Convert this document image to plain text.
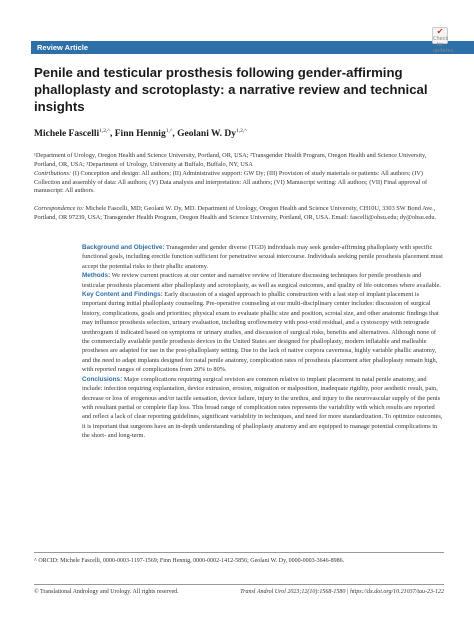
Review Article
✔
Check for updates
Penile and testicular prosthesis following gender-affirming phalloplasty and scrotoplasty: a narrative review and technical insights
Michele Fascelli$^{1,2,\^{}}$, Finn Hennig$^{1,\^{}}$, Geolani W. $Dy^{1,2,\^{}}$

¹Department of Urology, Oregon Health and Science University, Portland, OR, USA; ²Transgender Health Program, Oregon Health and Science University, Portland, OR, USA; ³Department of Urology, University at Buffalo, Buffalo, NY, USA

Contributions: (I) Conception and design: All authors; (II) Administrative support: GW Dy; (III) Provision of study materials or patients: All authors; (IV) Collection and assembly of data: All authors; (V) Data analysis and interpretation: All authors; (VI) Manuscript writing: All authors; (VII) Final approval of manuscript: All authors.

Correspondence to: Michele Fascelli, MD; Geolani W. Dy, MD. Department of Urology, Oregon Health and Science University, CH10U, 3303 SW Bond Ave., Portland, OR 97239, USA; Transgender Health Program, Oregon Health and Science University, Portland, OR, USA. Email: fascelli@ohsu.edu; dy@ohsu.edu.

Background and Objective: Transgender and gender diverse (TGD) individuals may seek gender-affirming phalloplasty with specific functional goals, including erectile function sufficient for penetrative sexual intercourse. Individuals seeking penile prosthesis placement must accept the potential risks to their phallic anatomy.

Methods: We review current practices at our center and narrative review of literature discussing techniques for penile prosthesis and testicular prosthesis placement after phalloplasty and scrotoplasty, as well as surgical outcomes, and quality of life outcomes where available.

Key Content and Findings: Early discussion of a staged approach to phallic construction with a last step of implant placement is important during initial phalloplasty counseling. Pre-operative counseling at our multi-disciplinary center includes: discussion of surgical history, complications, goals and priorities; physical exam to evaluate phallic size and position, scrotal size, and other anatomic findings that may influence prosthesis selection, urinary evaluation, including uroflowmetry with post-void residual, and a cystoscopy with retrograde urethrogram if indicated based on symptoms or urinary studies, and discussion of surgical risks, benefits and alternatives. Although none of the commercially available penile prosthesis devices in the United States are designed for phalloplasty, modern inflatable and malleable prostheses are adapted for use in the post-phalloplasty setting. Due to the lack of native corpora cavernosa, highly variable phallic anatomy, and the need to adapt implants designed for natal penile anatomy, complication rates of prosthesis placement after phalloplasty remain high, with reported ranges of complications from 20% to 80%.

Conclusions: Major complications requiring surgical revision are common relative to implant placement in natal penile anatomy, and include: infection requiring explantation, device extrusion, erosion, migration or malposition, inadequate rigidity, poor aesthetic result, pain, decrease or loss of erogenous and/or tactile sensation, device failure, injury to the urethra, and injury to the neurovascular supply of the penis with resultant partial or complete flap loss. This broad range of complication rates represents the variability with which results are reported and reflect a lack of clear reporting guidelines, significant variability in techniques, and need for more standardization. To optimize outcomes, it is important that surgeons have an in-depth understanding of phalloplasty anatomy and are equipped to manage potential complications in the short- and long-term.

^ ORCID: Michele Fascelli, 0000-0003-1197-1569; Finn Hennig, 0000-0002-1412-5856; Geolani W. Dy, 0000-0003-3646-8986.
© Translational Andrology and Urology. All rights reserved.	Transl Androl Urol 2023;12(10):1568-1580 | https://dx.doi.org/10.21037/tau-23-122
